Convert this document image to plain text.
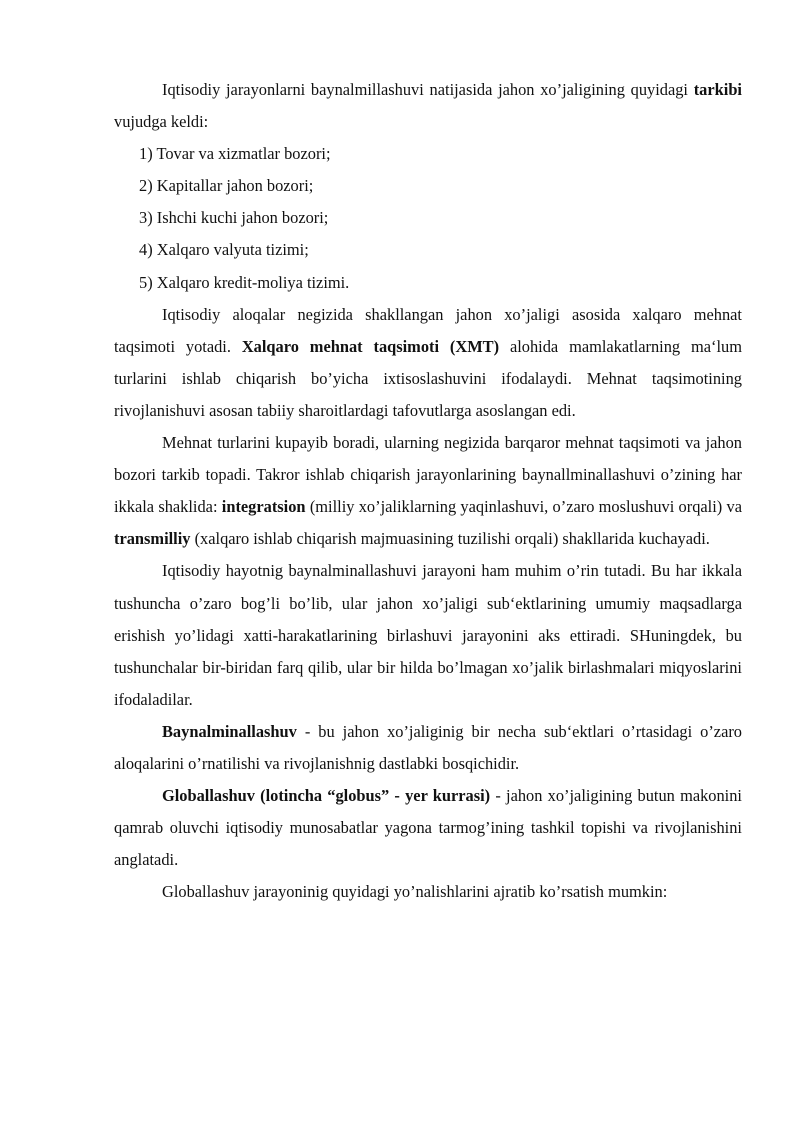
Iqtisodiy jarayonlarni baynalmillashuvi natijasida jahon xo’jaligining quyidagi tarkibi vujudga keldi:

1) Tovar va xizmatlar bozori;

2) Kapitallar jahon bozori;

3) Ishchi kuchi jahon bozori;

4) Xalqaro valyuta tizimi;

5) Xalqaro kredit-moliya tizimi.

Iqtisodiy aloqalar negizida shakllangan jahon xo’jaligi asosida xalqaro mehnat taqsimoti yotadi. Xalqaro mehnat taqsimoti (XMT) alohida mamlakatlarning ma‘lum turlarini ishlab chiqarish bo’yicha ixtisoslashuvini ifodalaydi. Mehnat taqsimotining rivojlanishuvi asosan tabiiy sharoitlardagi tafovutlarga asoslangan edi.

Mehnat turlarini kupayib boradi, ularning negizida barqaror mehnat taqsimoti va jahon bozori tarkib topadi. Takror ishlab chiqarish jarayonlarining baynallminallashuvi o’zining har ikkala shaklida: integratsion (milliy xo’jaliklarning yaqinlashuvi, o’zaro moslushuvi orqali) va transmilliy (xalqaro ishlab chiqarish majmuasining tuzilishi orqali) shakllarida kuchayadi.

Iqtisodiy hayotnig baynalminallashuvi jarayoni ham muhim o’rin tutadi. Bu har ikkala tushuncha o’zaro bog’li bo’lib, ular jahon xo’jaligi sub‘ektlarining umumiy maqsadlarga erishish yo’lidagi xatti-harakatlarining birlashuvi jarayonini aks ettiradi. SHuningdek, bu tushunchalar bir-biridan farq qilib, ular bir hilda bo’lmagan xo’jalik birlashmalari miqyoslarini ifodaladilar.

Baynalminallashuv - bu jahon xo’jaliginig bir necha sub‘ektlari o’rtasidagi o’zaro aloqalarini o’rnatilishi va rivojlanishnig dastlabki bosqichidir.

Globallashuv (lotincha “globus” - yer kurrasi) - jahon xo’jaligining butun makonini qamrab oluvchi iqtisodiy munosabatlar yagona tarmog’ining tashkil topishi va rivojlanishini anglatadi.

Globallashuv jarayoninig quyidagi yo’nalishlarini ajratib ko’rsatish mumkin:
